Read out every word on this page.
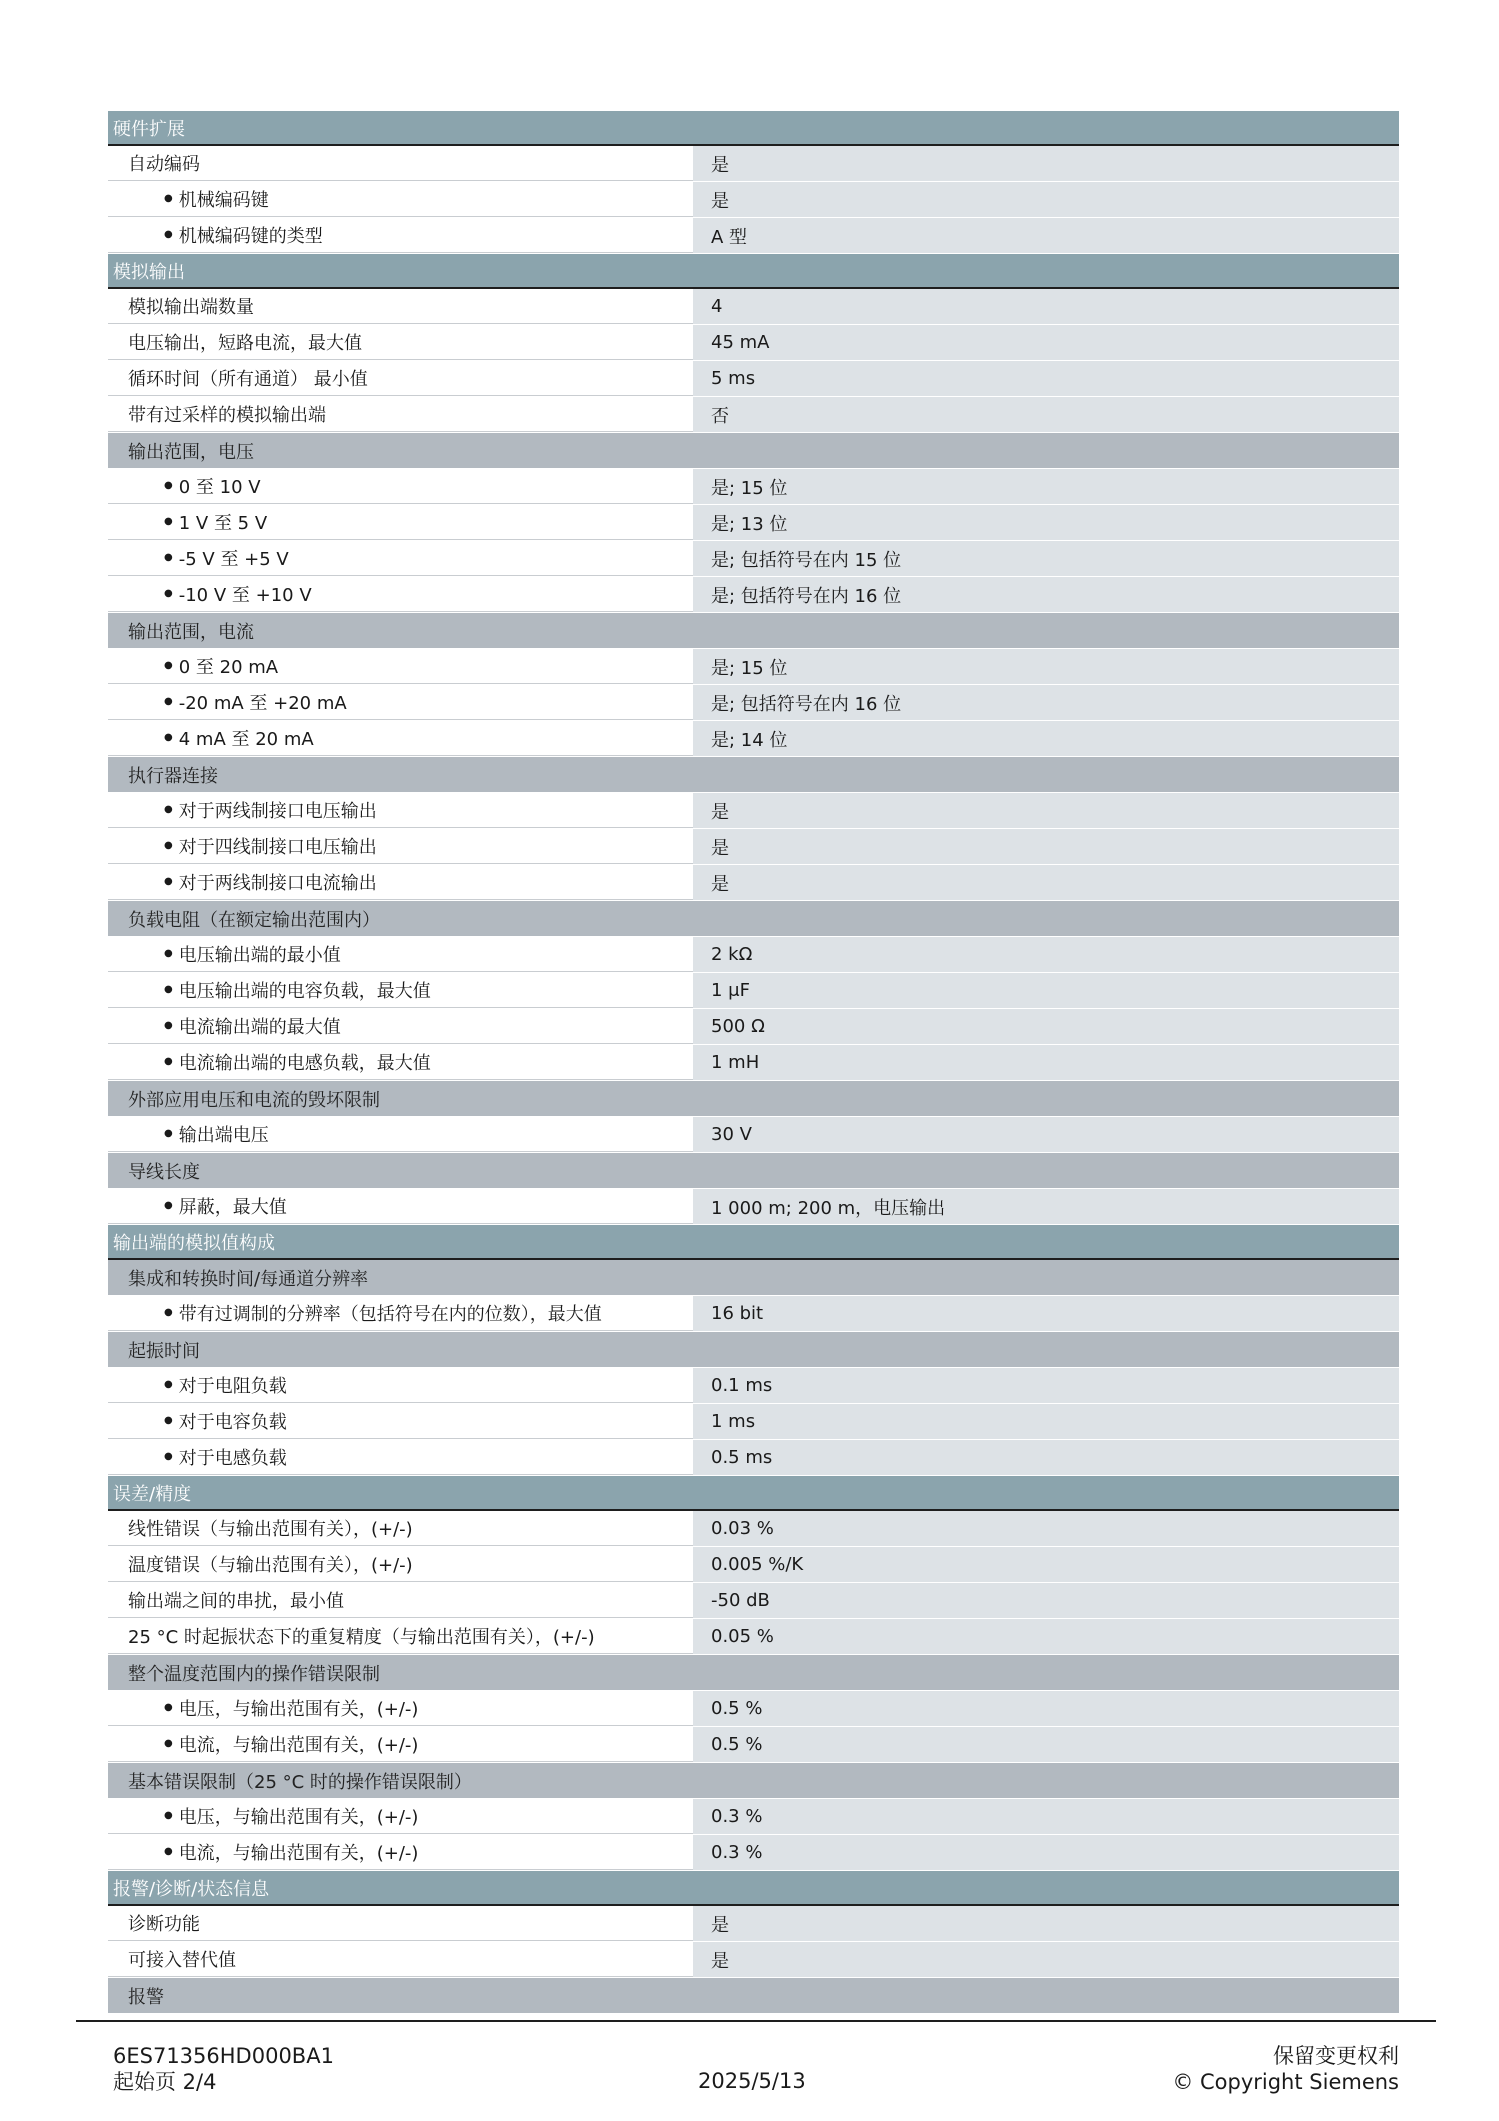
硬件扩展
自动编码	是
● 机械编码键	是
● 机械编码键的类型	A 型
模拟输出
模拟输出端数量	4
电压输出，短路电流，最大值	45 mA
循环时间（所有通道） 最小值	5 ms
带有过采样的模拟输出端	否
输出范围，电压
● 0 至 10 V	是; 15 位
● 1 V 至 5 V	是; 13 位
● -5 V 至 +5 V	是; 包括符号在内 15 位
● -10 V 至 +10 V	是; 包括符号在内 16 位
输出范围，电流
● 0 至 20 mA	是; 15 位
● -20 mA 至 +20 mA	是; 包括符号在内 16 位
● 4 mA 至 20 mA	是; 14 位
执行器连接
● 对于两线制接口电压输出	是
● 对于四线制接口电压输出	是
● 对于两线制接口电流输出	是
负载电阻（在额定输出范围内）
● 电压输出端的最小值	2 kΩ
● 电压输出端的电容负载，最大值	1 μF
● 电流输出端的最大值	500 Ω
● 电流输出端的电感负载，最大值	1 mH
外部应用电压和电流的毁坏限制
● 输出端电压	30 V
导线长度
● 屏蔽，最大值	1 000 m; 200 m，电压输出
输出端的模拟值构成
集成和转换时间/每通道分辨率
● 带有过调制的分辨率（包括符号在内的位数），最大值	16 bit
起振时间
● 对于电阻负载	0.1 ms
● 对于电容负载	1 ms
● 对于电感负载	0.5 ms
误差/精度
线性错误（与输出范围有关），(+/-)	0.03 %
温度错误（与输出范围有关），(+/-)	0.005 %/K
输出端之间的串扰，最小值	-50 dB
25 °C 时起振状态下的重复精度（与输出范围有关），(+/-)	0.05 %
整个温度范围内的操作错误限制
● 电压，与输出范围有关，(+/-)	0.5 %
● 电流，与输出范围有关，(+/-)	0.5 %
基本错误限制（25 °C 时的操作错误限制）
● 电压，与输出范围有关，(+/-)	0.3 %
● 电流，与输出范围有关，(+/-)	0.3 %
报警/诊断/状态信息
诊断功能	是
可接入替代值	是
报警
6ES71356HD000BA1
起始页 2/4	2025/5/13
保留变更权利
© Copyright Siemens
